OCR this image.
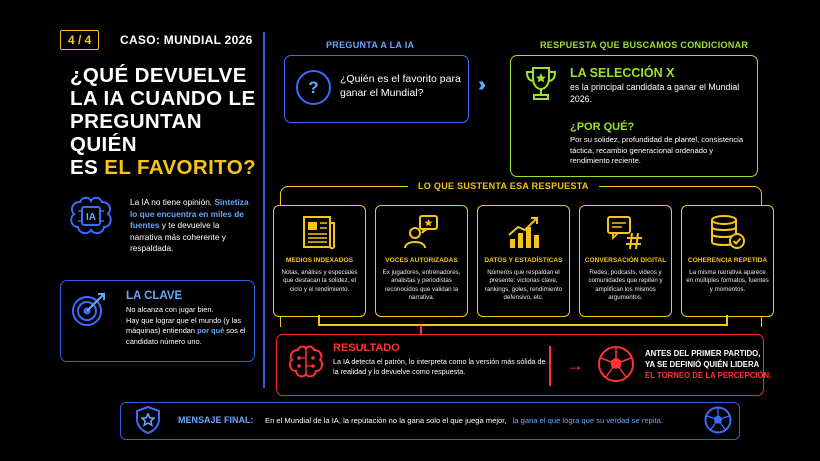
4 / 4	CASO: MUNDIAL 2026
¿QUÉ DEVUELVE
LA IA CUANDO LE
PREGUNTAN QUIÉN
ES EL FAVORITO?
IA
La IA no tiene opinión. Sintetiza lo que encuentra en miles de fuentes y te devuelve la narrativa más coherente y respaldada.
LA CLAVE
No alcanza con jugar bien.
Hay que lograr que el mundo (y las máquinas) entiendan por qué sos el candidato número uno.
PREGUNTA A LA IA
?	¿Quién es el favorito para ganar el Mundial?	›››
RESPUESTA QUE BUSCAMOS CONDICIONAR
LA SELECCIÓN X
es la principal candidata a ganar el Mundial 2026.
¿POR QUÉ?
Por su solidez, profundidad de plantel, consistencia táctica, recambio generacional ordenado y rendimiento reciente.
LO QUE SUSTENTA ESA RESPUESTA
MEDIOS INDEXADOS
Notas, análisis y especiales que destacan la solidez, el ciclo y el rendimiento.
VOCES AUTORIZADAS
Ex jugadores, entrenadores, analistas y periodistas reconocidos que validan la narrativa.
DATOS Y ESTADÍSTICAS
Números que respaldan el presente: victorias clave, rankings, goles, rendimiento defensivo, etc.
CONVERSACIÓN DIGITAL
Redes, podcasts, videos y comunidades que repiten y amplifican los mismos argumentos.
COHERENCIA REPETIDA
La misma narrativa aparece en múltiples formatos, fuentes y momentos.
RESULTADO
La IA detecta el patrón, lo interpreta como la versión más sólida de la realidad y lo devuelve como respuesta.	→
ANTES DEL PRIMER PARTIDO,
YA SE DEFINIÓ QUIÉN LIDERA
EL TORNEO DE LA PERCEPCIÓN.
MENSAJE FINAL: En el Mundial de la IA, la reputación no la gana solo el que juega mejor, la gana el que logra que su verdad se repita.
